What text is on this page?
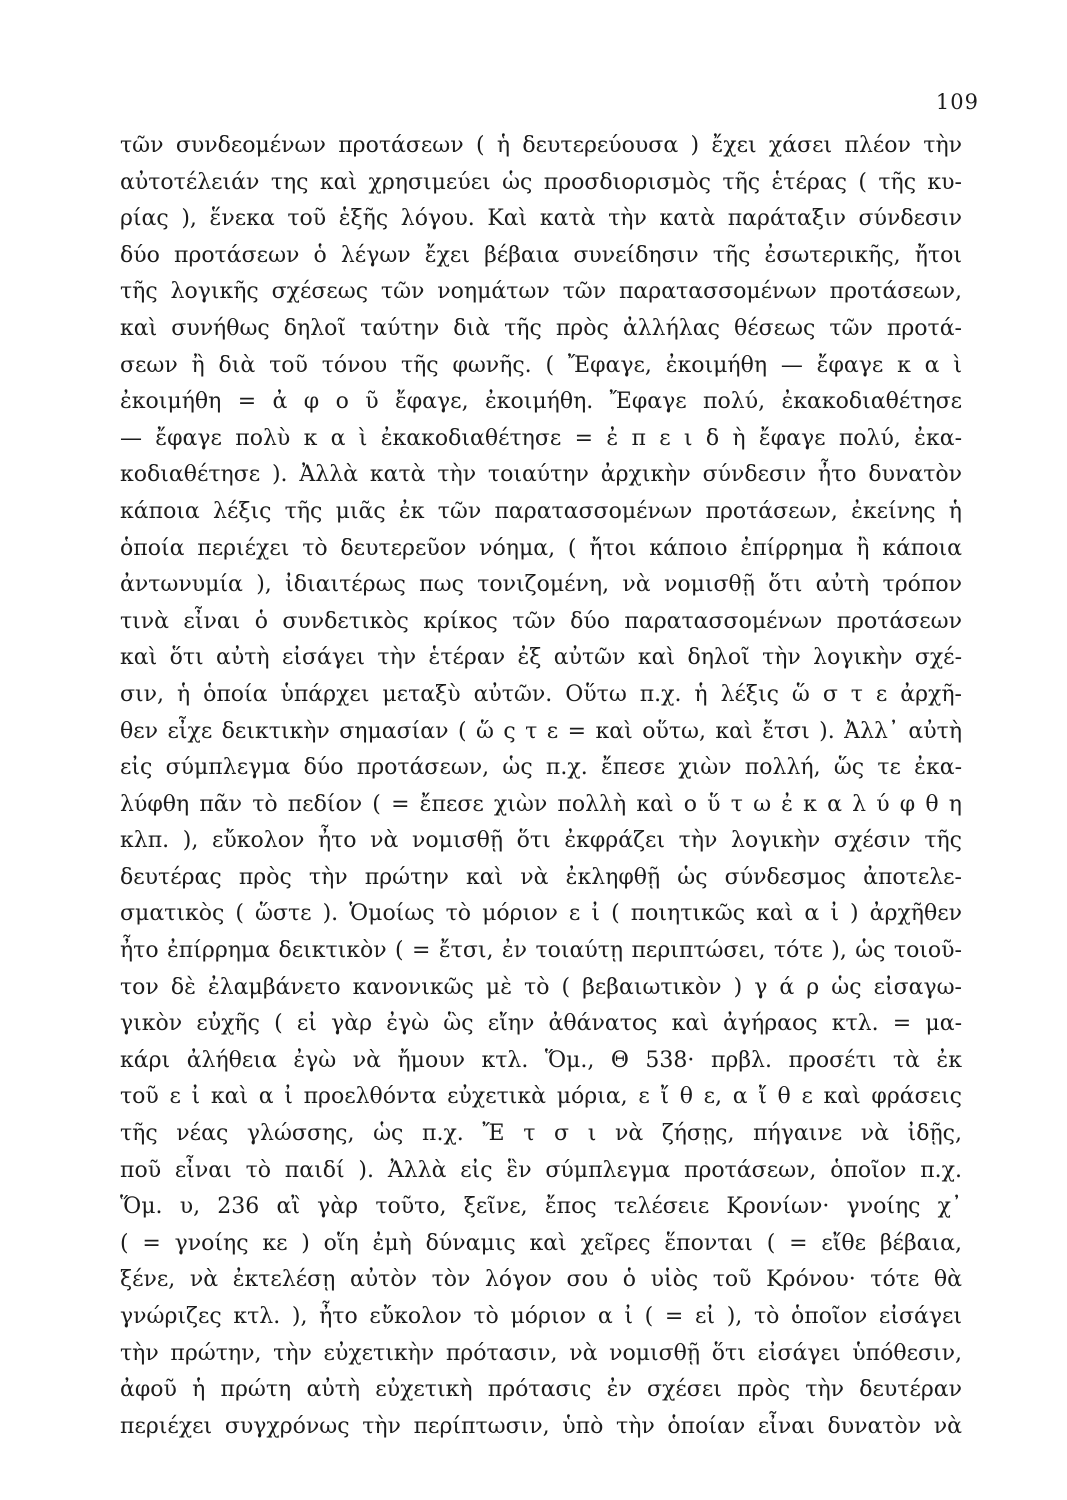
109
τῶν συνδεομένων προτάσεων ( ἡ δευτερεύουσα ) ἔχει χάσει πλέον τὴν
αὐτοτέλειάν της καὶ χρησιμεύει ὡς προσδιορισμὸς τῆς ἑτέρας ( τῆς κυ-
ρίας ), ἕνεκα τοῦ ἑξῆς λόγου. Καὶ κατὰ τὴν κατὰ παράταξιν σύνδεσιν
δύο προτάσεων ὁ λέγων ἔχει βέβαια συνείδησιν τῆς ἐσωτερικῆς, ἤτοι
τῆς λογικῆς σχέσεως τῶν νοημάτων τῶν παρατασσομένων προτάσεων,
καὶ συνήθως δηλοῖ ταύτην διὰ τῆς πρὸς ἀλλήλας θέσεως τῶν προτά-
σεων ἢ διὰ τοῦ τόνου τῆς φωνῆς. ( Ἔφαγε, ἐκοιμήθη — ἔφαγε κ α ὶ
ἐκοιμήθη = ἀ φ ο ῦ ἔφαγε, ἐκοιμήθη. Ἔφαγε πολύ, ἐκακοδιαθέτησε
— ἔφαγε πολὺ κ α ὶ ἐκακοδιαθέτησε = ἐ π ε ι δ ὴ ἔφαγε πολύ, ἐκα-
κοδιαθέτησε ). Ἀλλὰ κατὰ τὴν τοιαύτην ἀρχικὴν σύνδεσιν ἦτο δυνατὸν
κάποια λέξις τῆς μιᾶς ἐκ τῶν παρατασσομένων προτάσεων, ἐκείνης ἡ
ὁποία περιέχει τὸ δευτερεῦον νόημα, ( ἤτοι κάποιο ἐπίρρημα ἢ κάποια
ἀντωνυμία ), ἰδιαιτέρως πως τονιζομένη, νὰ νομισθῇ ὅτι αὐτὴ τρόπον
τινὰ εἶναι ὁ συνδετικὸς κρίκος τῶν δύο παρατασσομένων προτάσεων
καὶ ὅτι αὐτὴ εἰσάγει τὴν ἑτέραν ἐξ αὐτῶν καὶ δηλοῖ τὴν λογικὴν σχέ-
σιν, ἡ ὁποία ὑπάρχει μεταξὺ αὐτῶν. Οὕτω π.χ. ἡ λέξις ὥ σ τ ε ἀρχῆ-
θεν εἶχε δεικτικὴν σημασίαν ( ὥ ς τ ε = καὶ οὕτω, καὶ ἔτσι ). Ἀλλ᾽ αὐτὴ
εἰς σύμπλεγμα δύο προτάσεων, ὡς π.χ. ἔπεσε χιὼν πολλή, ὥς τε ἐκα-
λύφθη πᾶν τὸ πεδίον ( = ἔπεσε χιὼν πολλὴ καὶ ο ὕ τ ω ἐ κ α λ ύ φ θ η
κλπ. ), εὔκολον ἦτο νὰ νομισθῇ ὅτι ἐκφράζει τὴν λογικὴν σχέσιν τῆς
δευτέρας πρὸς τὴν πρώτην καὶ νὰ ἐκληφθῇ ὡς σύνδεσμος ἀποτελε-
σματικὸς ( ὥστε ). Ὁμοίως τὸ μόριον ε ἰ ( ποιητικῶς καὶ α ἰ ) ἀρχῆθεν
ἦτο ἐπίρρημα δεικτικὸν ( = ἔτσι, ἐν τοιαύτῃ περιπτώσει, τότε ), ὡς τοιοῦ-
τον δὲ ἐλαμβάνετο κανονικῶς μὲ τὸ ( βεβαιωτικὸν ) γ ά ρ ὡς εἰσαγω-
γικὸν εὐχῆς ( εἰ γὰρ ἐγὼ ὣς εἴην ἀθάνατος καὶ ἀγήραος κτλ. = μα-
κάρι ἀλήθεια ἐγὼ νὰ ἤμουν κτλ. Ὅμ., Θ 538· πρβλ. προσέτι τὰ ἐκ
τοῦ ε ἰ καὶ α ἰ προελθόντα εὐχετικὰ μόρια, ε ἴ θ ε, α ἴ θ ε καὶ φράσεις
τῆς νέας γλώσσης, ὡς π.χ. Ἔ τ σ ι νὰ ζήσῃς, πήγαινε νὰ ἰδῇς,
ποῦ εἶναι τὸ παιδί ). Ἀλλὰ εἰς ἓν σύμπλεγμα προτάσεων, ὁποῖον π.χ.
Ὅμ. υ, 236 αἲ γὰρ τοῦτο, ξεῖνε, ἔπος τελέσειε Κρονίων· γνοίης χ᾽
( = γνοίης κε ) οἵη ἐμὴ δύναμις καὶ χεῖρες ἕπονται ( = εἴθε βέβαια,
ξένε, νὰ ἐκτελέσῃ αὐτὸν τὸν λόγον σου ὁ υἱὸς τοῦ Κρόνου· τότε θὰ
γνώριζες κτλ. ), ἦτο εὔκολον τὸ μόριον α ἰ ( = εἰ ), τὸ ὁποῖον εἰσάγει
τὴν πρώτην, τὴν εὐχετικὴν πρότασιν, νὰ νομισθῇ ὅτι εἰσάγει ὑπόθεσιν,
ἀφοῦ ἡ πρώτη αὐτὴ εὐχετικὴ πρότασις ἐν σχέσει πρὸς τὴν δευτέραν
περιέχει συγχρόνως τὴν περίπτωσιν, ὑπὸ τὴν ὁποίαν εἶναι δυνατὸν νὰ
